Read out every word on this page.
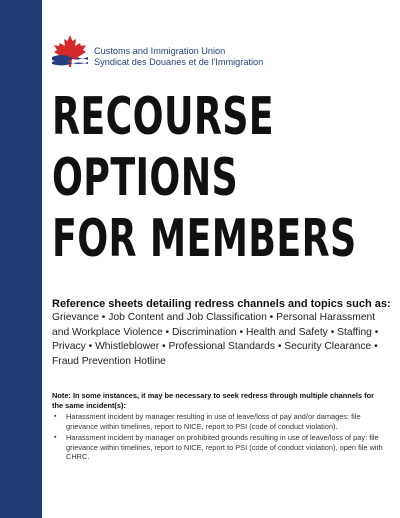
Customs and Immigration Union
Syndicat des Douanes et de l'Immigration
RECOURSE
OPTIONS
FOR MEMBERS
Reference sheets detailing redress channels and topics such as:
Grievance • Job Content and Job Classification • Personal Harassment and Workplace Violence • Discrimination • Health and Safety • Staffing • Privacy • Whistleblower • Professional Standards • Security Clearance • Fraud Prevention Hotline
Note: In some instances, it may be necessary to seek redress through multiple channels for the same incident(s):
▪ Harassment incident by manager resulting in use of leave/loss of pay and/or damages: file grievance within timelines, report to NICE, report to PSI (code of conduct violation).
▪ Harassment incident by manager on prohibited grounds resulting in use of leave/loss of pay: file grievance within timelines, report to NICE, report to PSI (code of conduct violation), open file with CHRC.
